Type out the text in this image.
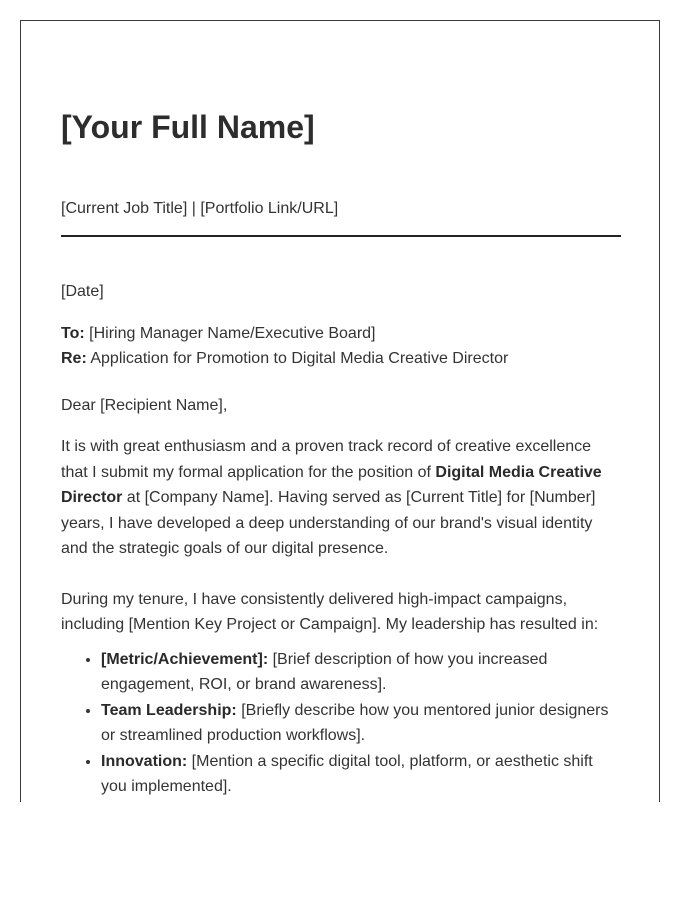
[Your Full Name]

[Current Job Title] | [Portfolio Link/URL]

[Date]

To: [Hiring Manager Name/Executive Board]

Re: Application for Promotion to Digital Media Creative Director

Dear [Recipient Name],

It is with great enthusiasm and a proven track record of creative excellence that I submit my formal application for the position of Digital Media Creative Director at [Company Name]. Having served as [Current Title] for [Number] years, I have developed a deep understanding of our brand's visual identity and the strategic goals of our digital presence.

During my tenure, I have consistently delivered high-impact campaigns, including [Mention Key Project or Campaign]. My leadership has resulted in:

• [Metric/Achievement]: [Brief description of how you increased engagement, ROI, or brand awareness].
• Team Leadership: [Briefly describe how you mentored junior designers or streamlined production workflows].
• Innovation: [Mention a specific digital tool, platform, or aesthetic shift you implemented].
